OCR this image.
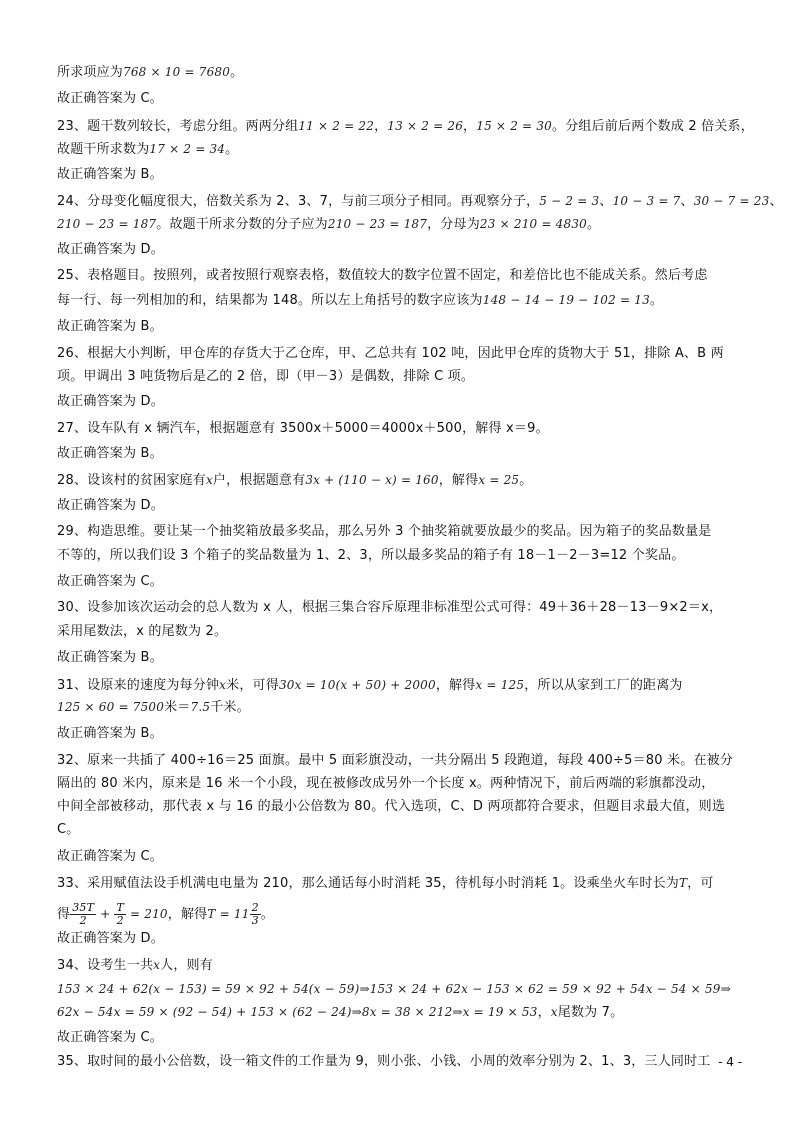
所求项应为768 × 10 = 7680。
故正确答案为 C。
23、题干数列较长，考虑分组。两两分组11 × 2 = 22，13 × 2 = 26，15 × 2 = 30。分组后前后两个数成 2 倍关系，
故题干所求数为17 × 2 = 34。
故正确答案为 B。
24、分母变化幅度很大，倍数关系为 2、3、7，与前三项分子相同。再观察分子，5 − 2 = 3、10 − 3 = 7、30 − 7 = 23、
210 − 23 = 187。故题干所求分数的分子应为210 − 23 = 187，分母为23 × 210 = 4830。
故正确答案为 D。
25、表格题目。按照列，或者按照行观察表格，数值较大的数字位置不固定，和差倍比也不能成关系。然后考虑
每一行、每一列相加的和，结果都为 148。所以左上角括号的数字应该为148 − 14 − 19 − 102 = 13。
故正确答案为 B。
26、根据大小判断，甲仓库的存货大于乙仓库，甲、乙总共有 102 吨，因此甲仓库的货物大于 51，排除 A、B 两
项。甲调出 3 吨货物后是乙的 2 倍，即（甲－3）是偶数，排除 C 项。
故正确答案为 D。
27、设车队有 x 辆汽车，根据题意有 3500x＋5000＝4000x＋500，解得 x＝9。
故正确答案为 B。
28、设该村的贫困家庭有x户，根据题意有3x + (110 − x) = 160，解得x = 25。
故正确答案为 D。
29、构造思维。要让某一个抽奖箱放最多奖品，那么另外 3 个抽奖箱就要放最少的奖品。因为箱子的奖品数量是
不等的，所以我们设 3 个箱子的奖品数量为 1、2、3，所以最多奖品的箱子有 18－1－2－3=12 个奖品。
故正确答案为 C。
30、设参加该次运动会的总人数为 x 人，根据三集合容斥原理非标准型公式可得：49＋36＋28－13－9×2＝x，
采用尾数法，x 的尾数为 2。
故正确答案为 B。
31、设原来的速度为每分钟x米，可得30x = 10(x + 50) + 2000，解得x = 125，所以从家到工厂的距离为
125 × 60 = 7500米＝7.5千米。
故正确答案为 B。
32、原来一共插了 400÷16＝25 面旗。最中 5 面彩旗没动，一共分隔出 5 段跑道，每段 400÷5＝80 米。在被分
隔出的 80 米内，原来是 16 米一个小段，现在被修改成另外一个长度 x。两种情况下，前后两端的彩旗都没动，
中间全部被移动，那代表 x 与 16 的最小公倍数为 80。代入选项，C、D 两项都符合要求，但题目求最大值，则选
C。
故正确答案为 C。
33、采用赋值法设手机满电电量为 210，那么通话每小时消耗 35，待机每小时消耗 1。设乘坐火车时长为T，可
得 $\frac{35T}{2} + \frac{T}{2} = 210$，解得$T = 11 \frac{2}{3}$ 。
故正确答案为 D。
34、设考生一共x人，则有
153 × 24 + 62(x − 153) = 59 × 92 + 54(x − 59)⇒153 × 24 + 62x − 153 × 62 = 59 × 92 + 54x − 54 × 59⇒
62x − 54x = 59 × (92 − 54) + 153 × (62 − 24)⇒8x = 38 × 212⇒x = 19 × 53，x尾数为 7。
故正确答案为 C。
35、取时间的最小公倍数，设一箱文件的工作量为 9，则小张、小钱、小周的效率分别为 2、1、3，三人同时工 - 4 -
